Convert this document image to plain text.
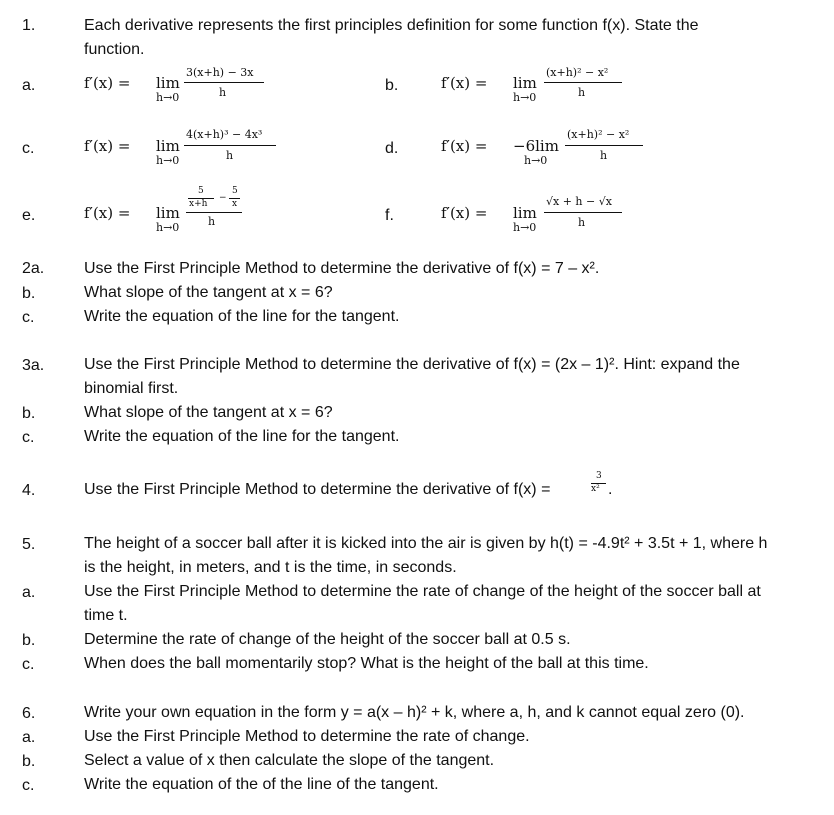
1.	Each derivative represents the first principles definition for some function f(x). State the
function.
a.	f′(x) = lim
h→0
3(x+h) − 3x
h	b.	f′(x) = lim
h→0
(x+h)² − x²
h
c.	f′(x) = lim
h→0
4(x+h)³ − 4x³
h	d.	f′(x) = −6lim
h→0
(x+h)² − x²
h
e.	f′(x) = lim
h→0
5
x+h
−
5
x
h	f.	f′(x) = lim
h→0
√x + h − √x
h
2a. Use the First Principle Method to determine the derivative of f(x) = 7 – x².
b.	What slope of the tangent at x = 6?
c.	Write the equation of the line for the tangent.
3a. Use the First Principle Method to determine the derivative of f(x) = (2x – 1)². Hint: expand the
binomial first.
b.	What slope of the tangent at x = 6?
c.	Write the equation of the line for the tangent.
4.	Use the First Principle Method to determine the derivative of f(x) =
3
x² .
5.	The height of a soccer ball after it is kicked into the air is given by h(t) = -4.9t² + 3.5t + 1, where h
is the height, in meters, and t is the time, in seconds.
a.	Use the First Principle Method to determine the rate of change of the height of the soccer ball at
time t.
b.	Determine the rate of change of the height of the soccer ball at 0.5 s.
c.	When does the ball momentarily stop? What is the height of the ball at this time.
6.	Write your own equation in the form y = a(x – h)² + k, where a, h, and k cannot equal zero (0).
a.	Use the First Principle Method to determine the rate of change.
b.	Select a value of x then calculate the slope of the tangent.
c.	Write the equation of the of the line of the tangent.
